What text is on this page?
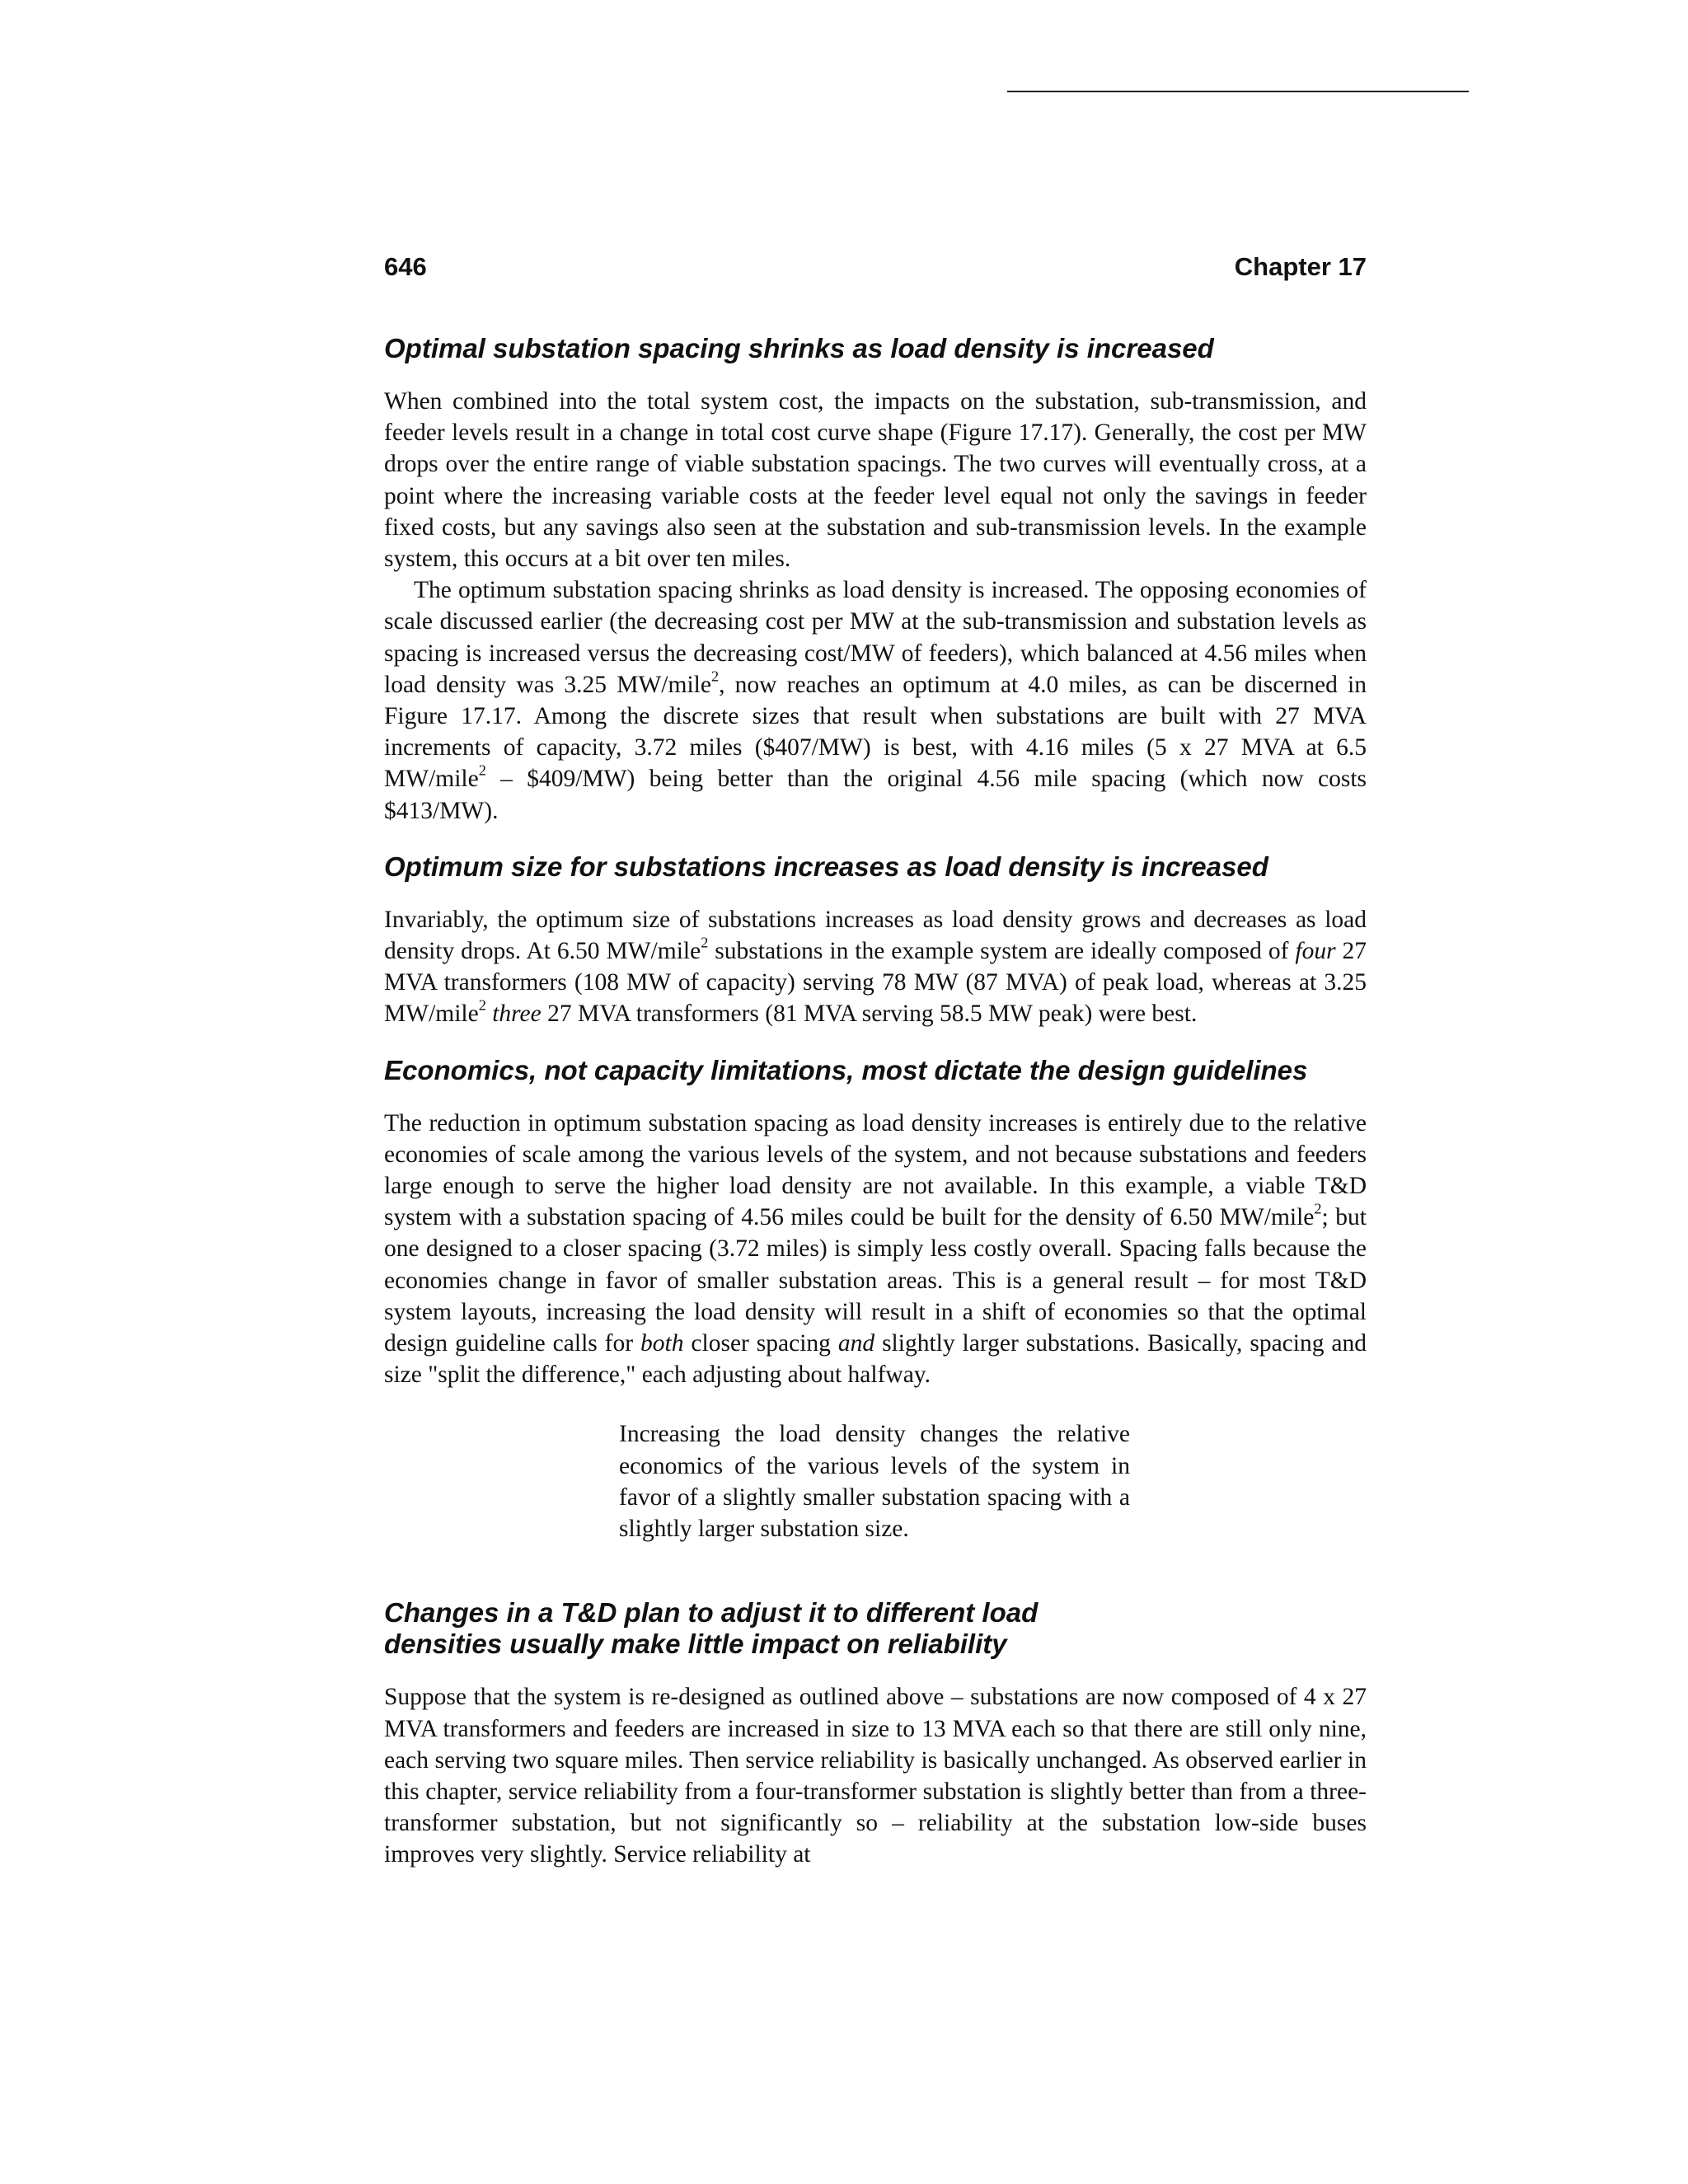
646	Chapter 17
Optimal substation spacing shrinks as load density is increased

When combined into the total system cost, the impacts on the substation, sub-transmission, and feeder levels result in a change in total cost curve shape (Figure 17.17). Generally, the cost per MW drops over the entire range of viable substation spacings. The two curves will eventually cross, at a point where the increasing variable costs at the feeder level equal not only the savings in feeder fixed costs, but any savings also seen at the substation and sub-transmission levels. In the example system, this occurs at a bit over ten miles.

The optimum substation spacing shrinks as load density is increased. The opposing economies of scale discussed earlier (the decreasing cost per MW at the sub-transmission and substation levels as spacing is increased versus the decreasing cost/MW of feeders), which balanced at 4.56 miles when load density was 3.25 MW/mile$^2$, now reaches an optimum at 4.0 miles, as can be discerned in Figure 17.17. Among the discrete sizes that result when substations are built with 27 MVA increments of capacity, 3.72 miles ($407/MW) is best, with 4.16 miles (5 x 27 MVA at 6.5 MW/mile$^2$ – $409/MW) being better than the original 4.56 mile spacing (which now costs $413/MW).

Optimum size for substations increases as load density is increased

Invariably, the optimum size of substations increases as load density grows and decreases as load density drops. At 6.50 MW/mile$^2$ substations in the example system are ideally composed of four 27 MVA transformers (108 MW of capacity) serving 78 MW (87 MVA) of peak load, whereas at 3.25 MW/mile$^2$ three 27 MVA transformers (81 MVA serving 58.5 MW peak) were best.

Economics, not capacity limitations, most dictate the design guidelines

The reduction in optimum substation spacing as load density increases is entirely due to the relative economies of scale among the various levels of the system, and not because substations and feeders large enough to serve the higher load density are not available. In this example, a viable T&D system with a substation spacing of 4.56 miles could be built for the density of 6.50 MW/mile$^2$; but one designed to a closer spacing (3.72 miles) is simply less costly overall. Spacing falls because the economies change in favor of smaller substation areas. This is a general result – for most T&D system layouts, increasing the load density will result in a shift of economies so that the optimal design guideline calls for both closer spacing and slightly larger substations. Basically, spacing and size "split the difference," each adjusting about halfway.

Increasing the load density changes the relative economics of the various levels of the system in favor of a slightly smaller substation spacing with a slightly larger substation size.
Changes in a T&D plan to adjust it to different load
densities usually make little impact on reliability

Suppose that the system is re-designed as outlined above – substations are now composed of 4 x 27 MVA transformers and feeders are increased in size to 13 MVA each so that there are still only nine, each serving two square miles. Then service reliability is basically unchanged. As observed earlier in this chapter, service reliability from a four-transformer substation is slightly better than from a three-transformer substation, but not significantly so – reliability at the substation low-side buses improves very slightly. Service reliability at
